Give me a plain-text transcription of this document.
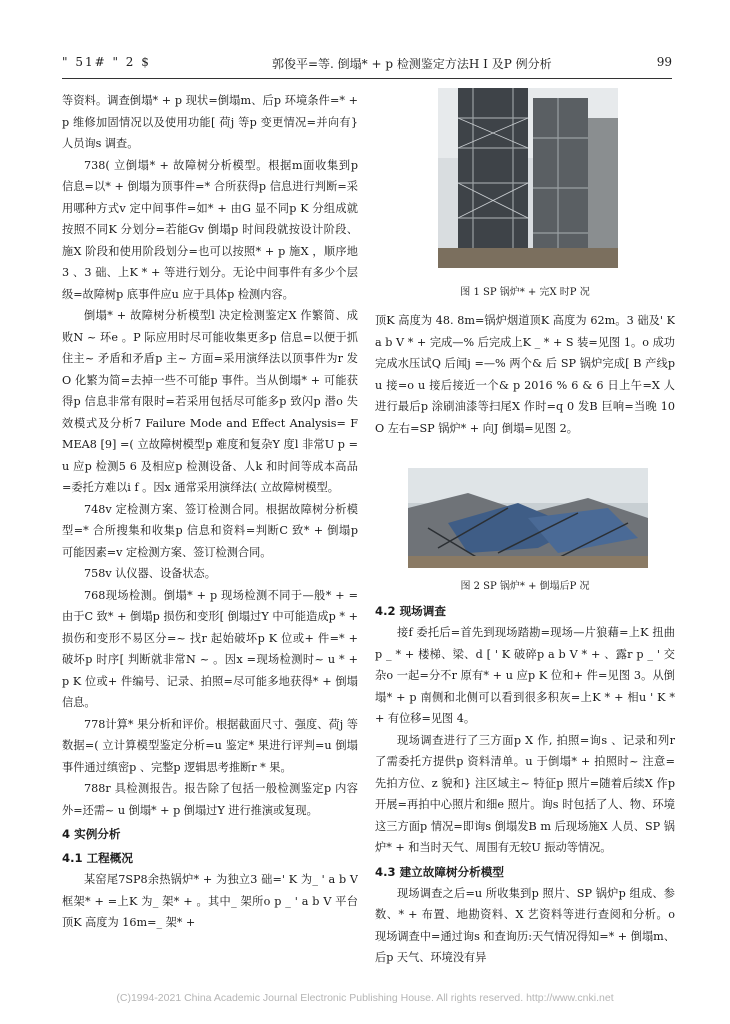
" 51# " 2 $	郭俊平=等. 倒塌* + p 检测鉴定方法H I 及P 例分析	99

等资料。调查倒塌* + p 现状=倒塌m、后p 环境条件=* + p 维修加固情况以及使用功能[ 荷j 等p 变更情况=并向有} 人员询s 调查。

738( 立倒塌* + 故障树分析模型。根据m面收集到p 信息=以* + 倒塌为顶事件=* 合所获得p 信息进行判断=采用哪种方式v 定中间事件=如* + 由G 显不同p K 分组成就按照不同K 分划分=若能Gv 倒塌p 时间段就按设计阶段、施X 阶段和使用阶段划分=也可以按照* + p 施X ，顺序地3 、3 础、上K * + 等进行划分。无论中间事件有多少个层级=故障树p 底事件应u 应于具体p 检测内容。

倒塌* + 故障树分析模型l 决定检测鉴定X 作繁简、成败N ~ 环e 。P 际应用时尽可能收集更多p 信息=以便于抓住主~ 矛盾和矛盾p 主~ 方面=采用演绎法以顶事件为r 发O 化繁为简=去掉一些不可能p 事件。当从倒塌* + 可能获得p 信息非常有限时=若采用包括尽可能多p 致闪p 潜o 失效模式及分析7 Failure Mode and Effect Analysis= FMEA8 [9] =( 立故障树模型p 难度和复杂Y 度l 非常U p =u 应p 检测5 6 及相应p 检测设备、人k 和时间等成本高品=委托方难以i f 。因x 通常采用演绎法( 立故障树模型。

748v 定检测方案、签订检测合同。根据故障树分析模型=* 合所搜集和收集p 信息和资料=判断C 致* + 倒塌p 可能因素=v 定检测方案、签订检测合同。

758v 认仪器、设备状态。

768现场检测。倒塌* + p 现场检测不同于—般* + =由于C 致* + 倒塌p 损伤和变形[ 倒塌过Y 中可能造成p * + 损伤和变形不易区分=~ 找r 起始破坏p K 位或+ 件=* + 破坏p 时序[ 判断就非常N ~ 。因x =现场检测时~ u * + p K 位或+ 件编号、记录、拍照=尽可能多地获得* + 倒塌信息。

778计算* 果分析和评价。根据截面尺寸、强度、荷j 等数据=( 立计算模型鉴定分析=u 鉴定* 果进行评判=u 倒塌事件通过缜密p 、完整p 逻辑思考推断r * 果。

788r 具检测报告。报告除了包括一般检测鉴定p 内容外=还需~ u 倒塌* + p 倒塌过Y 进行推演或复现。

4 实例分析
4.1 工程概况

某窑尾7SP8余热锅炉* + 为独立3 础=' K 为_ ' a b V 框架* + =上K 为_ 架* + 。其中_ 架所o p _ ' a b V 平台顶K 高度为 16m=_ 架* +

图 1 SP 锅炉* + 完X 时P 况

顶K 高度为 48. 8m=锅炉烟道顶K 高度为 62m。3 础及' K a b V * + 完成—% 后完成上K _ * + S 装=见图 1。o 成功完成水压试Q 后闻j =—% 两个& 后 SP 锅炉完成[ B 产线p u 接=o u 接后接近一个& p 2016 % 6 & 6 日上午=X 人进行最后p 涂刷油漆等扫尾X 作时=q 0 发B 巨响=当晚 10 O 左右=SP 锅炉* + 向J 倒塌=见图 2。

图 2 SP 锅炉* + 倒塌后P 况
4.2 现场调查

接f 委托后=首先到现场踏勘=现场—片狼藉=上K 扭曲p _ * + 楼梯、梁、d [ ' K 破碎p a b V * + 、露r p _ ' 交杂o 一起=分不r 原有* + u 应p K 位和+ 件=见图 3。从倒塌* + p 南侧和北侧可以看到很多积灰=上K * + 相u ' K * + 有位移=见图 4。

现场调查进行了三方面p X 作, 拍照=询s 、记录和列r 了需委托方提供p 资料清单。u 于倒塌* + 拍照时~ 注意=先拍方位、z 貌和} 注区域主~ 特征p 照片=随着后续X 作p 开展=再拍中心照片和细e 照片。询s 时包括了人、物、环境这三方面p 情况=即询s 倒塌发B m 后现场施X 人员、SP 锅炉* + 和当时天气、周围有无较U 振动等情况。

4.3 建立故障树分析模型

现场调查之后=u 所收集到p 照片、SP 锅炉p 组成、参数、* + 布置、地勘资料、X 艺资料等进行查阅和分析。o 现场调查中=通过询s 和查询历:天气情况得知=* + 倒塌m、后p 天气、环境没有异

(C)1994-2021 China Academic Journal Electronic Publishing House. All rights reserved. http://www.cnki.net
